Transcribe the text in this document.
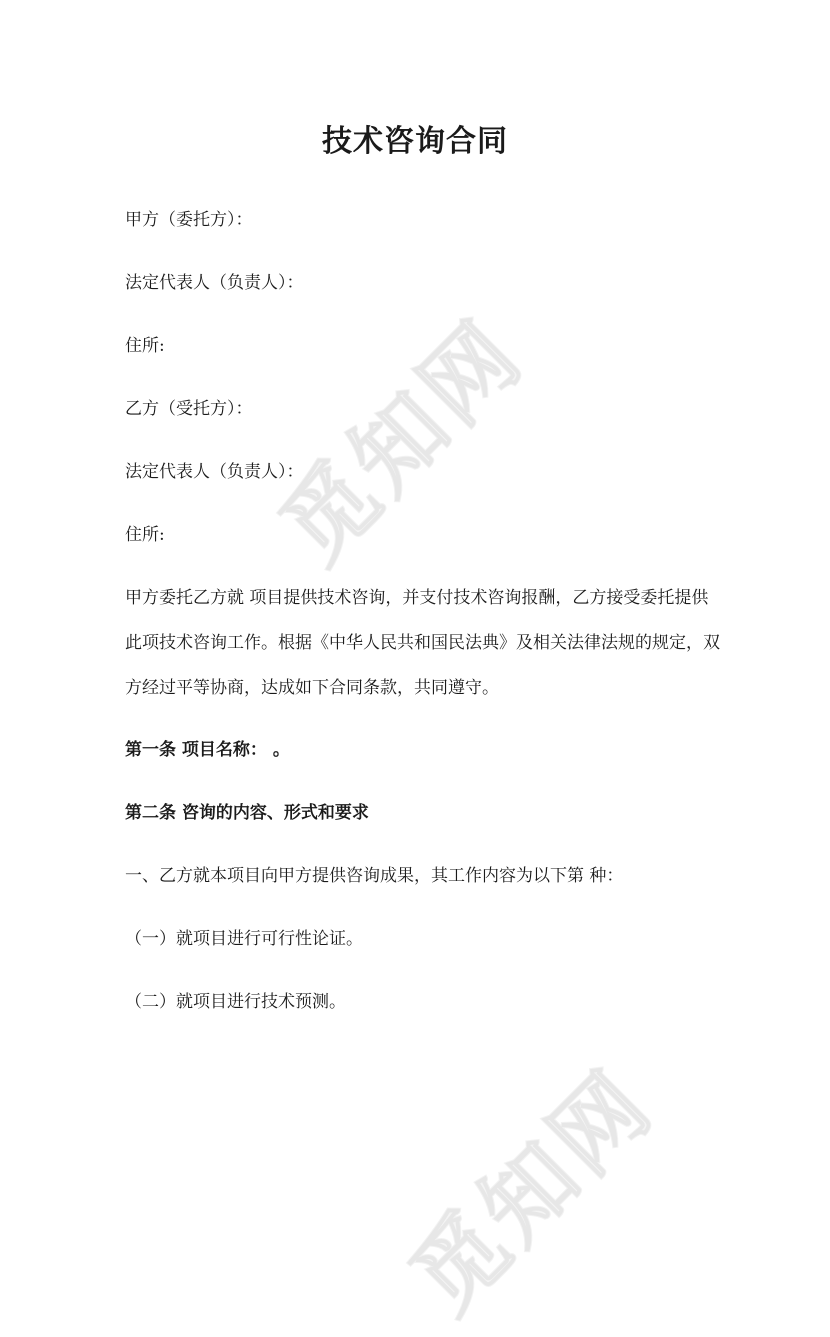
觅知网
觅知网
技术咨询合同

甲方（委托方）：

法定代表人（负责人）：

住所:

乙方（受托方）：

法定代表人（负责人）：

住所:

甲方委托乙方就 项目提供技术咨询，并支付技术咨询报酬，乙方接受委托提供

此项技术咨询工作。根据《中华人民共和国民法典》及相关法律法规的规定，双

方经过平等协商，达成如下合同条款，共同遵守。

第一条 项目名称： 。

第二条 咨询的内容、形式和要求

一、乙方就本项目向甲方提供咨询成果，其工作内容为以下第 种：

（一）就项目进行可行性论证。

（二）就项目进行技术预测。
